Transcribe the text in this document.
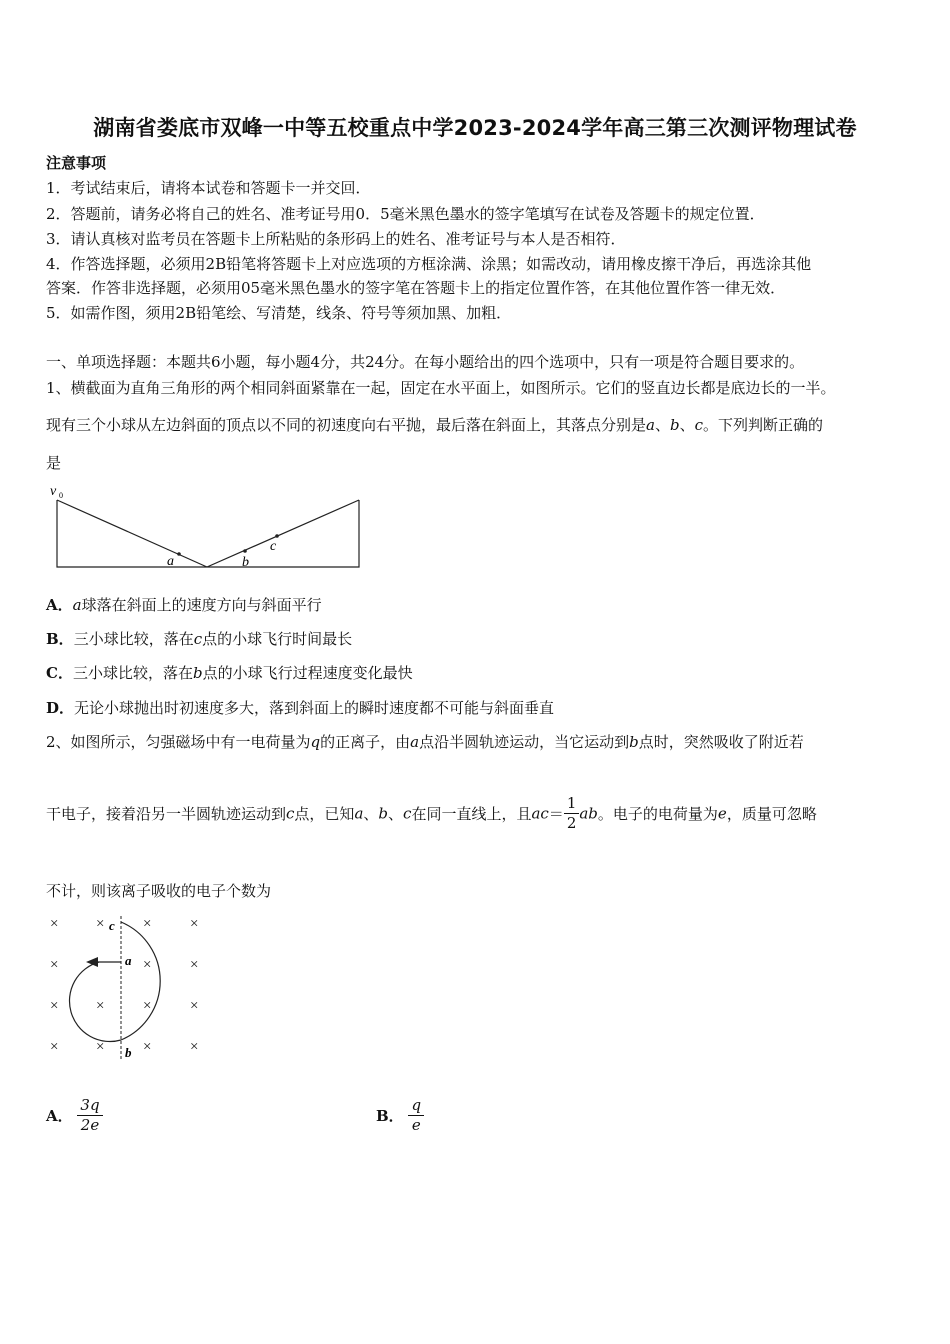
湖南省娄底市双峰一中等五校重点中学2023-2024学年高三第三次测评物理试卷
注意事项
1．考试结束后，请将本试卷和答题卡一并交回．
2．答题前，请务必将自己的姓名、准考证号用0．5毫米黑色墨水的签字笔填写在试卷及答题卡的规定位置．
3．请认真核对监考员在答题卡上所粘贴的条形码上的姓名、准考证号与本人是否相符．
4．作答选择题，必须用2B铅笔将答题卡上对应选项的方框涂满、涂黑；如需改动，请用橡皮擦干净后，再选涂其他
答案．作答非选择题，必须用05毫米黑色墨水的签字笔在答题卡上的指定位置作答，在其他位置作答一律无效．
5．如需作图，须用2B铅笔绘、写清楚，线条、符号等须加黑、加粗．
一、单项选择题：本题共6小题，每小题4分，共24分。在每小题给出的四个选项中，只有一项是符合题目要求的。
1、横截面为直角三角形的两个相同斜面紧靠在一起，固定在水平面上，如图所示。它们的竖直边长都是底边长的一半。
现有三个小球从左边斜面的顶点以不同的初速度向右平抛，最后落在斜面上，其落点分别是a、b、c。下列判断正确的
是
v 0
a	b
c
A．a球落在斜面上的速度方向与斜面平行
B．三小球比较，落在c点的小球飞行时间最长
C．三小球比较，落在b点的小球飞行过程速度变化最快
D．无论小球抛出时初速度多大，落到斜面上的瞬时速度都不可能与斜面垂直
2、如图所示，匀强磁场中有一电荷量为q的正离子，由a点沿半圆轨迹运动，当它运动到b点时，突然吸收了附近若
干电子，接着沿另一半圆轨迹运动到c点，已知a、b、c在同一直线上，且$ac= \frac{1}{2}$ ab。电子的电荷量为e，质量可忽略
不计，则该离子吸收的电子个数为
×	×	×	×
×	×	×
×	×	×	×
×	×	×	×
c
a
b
A． $\frac{3q}{2e}$	B． $\frac{q}{e}$
